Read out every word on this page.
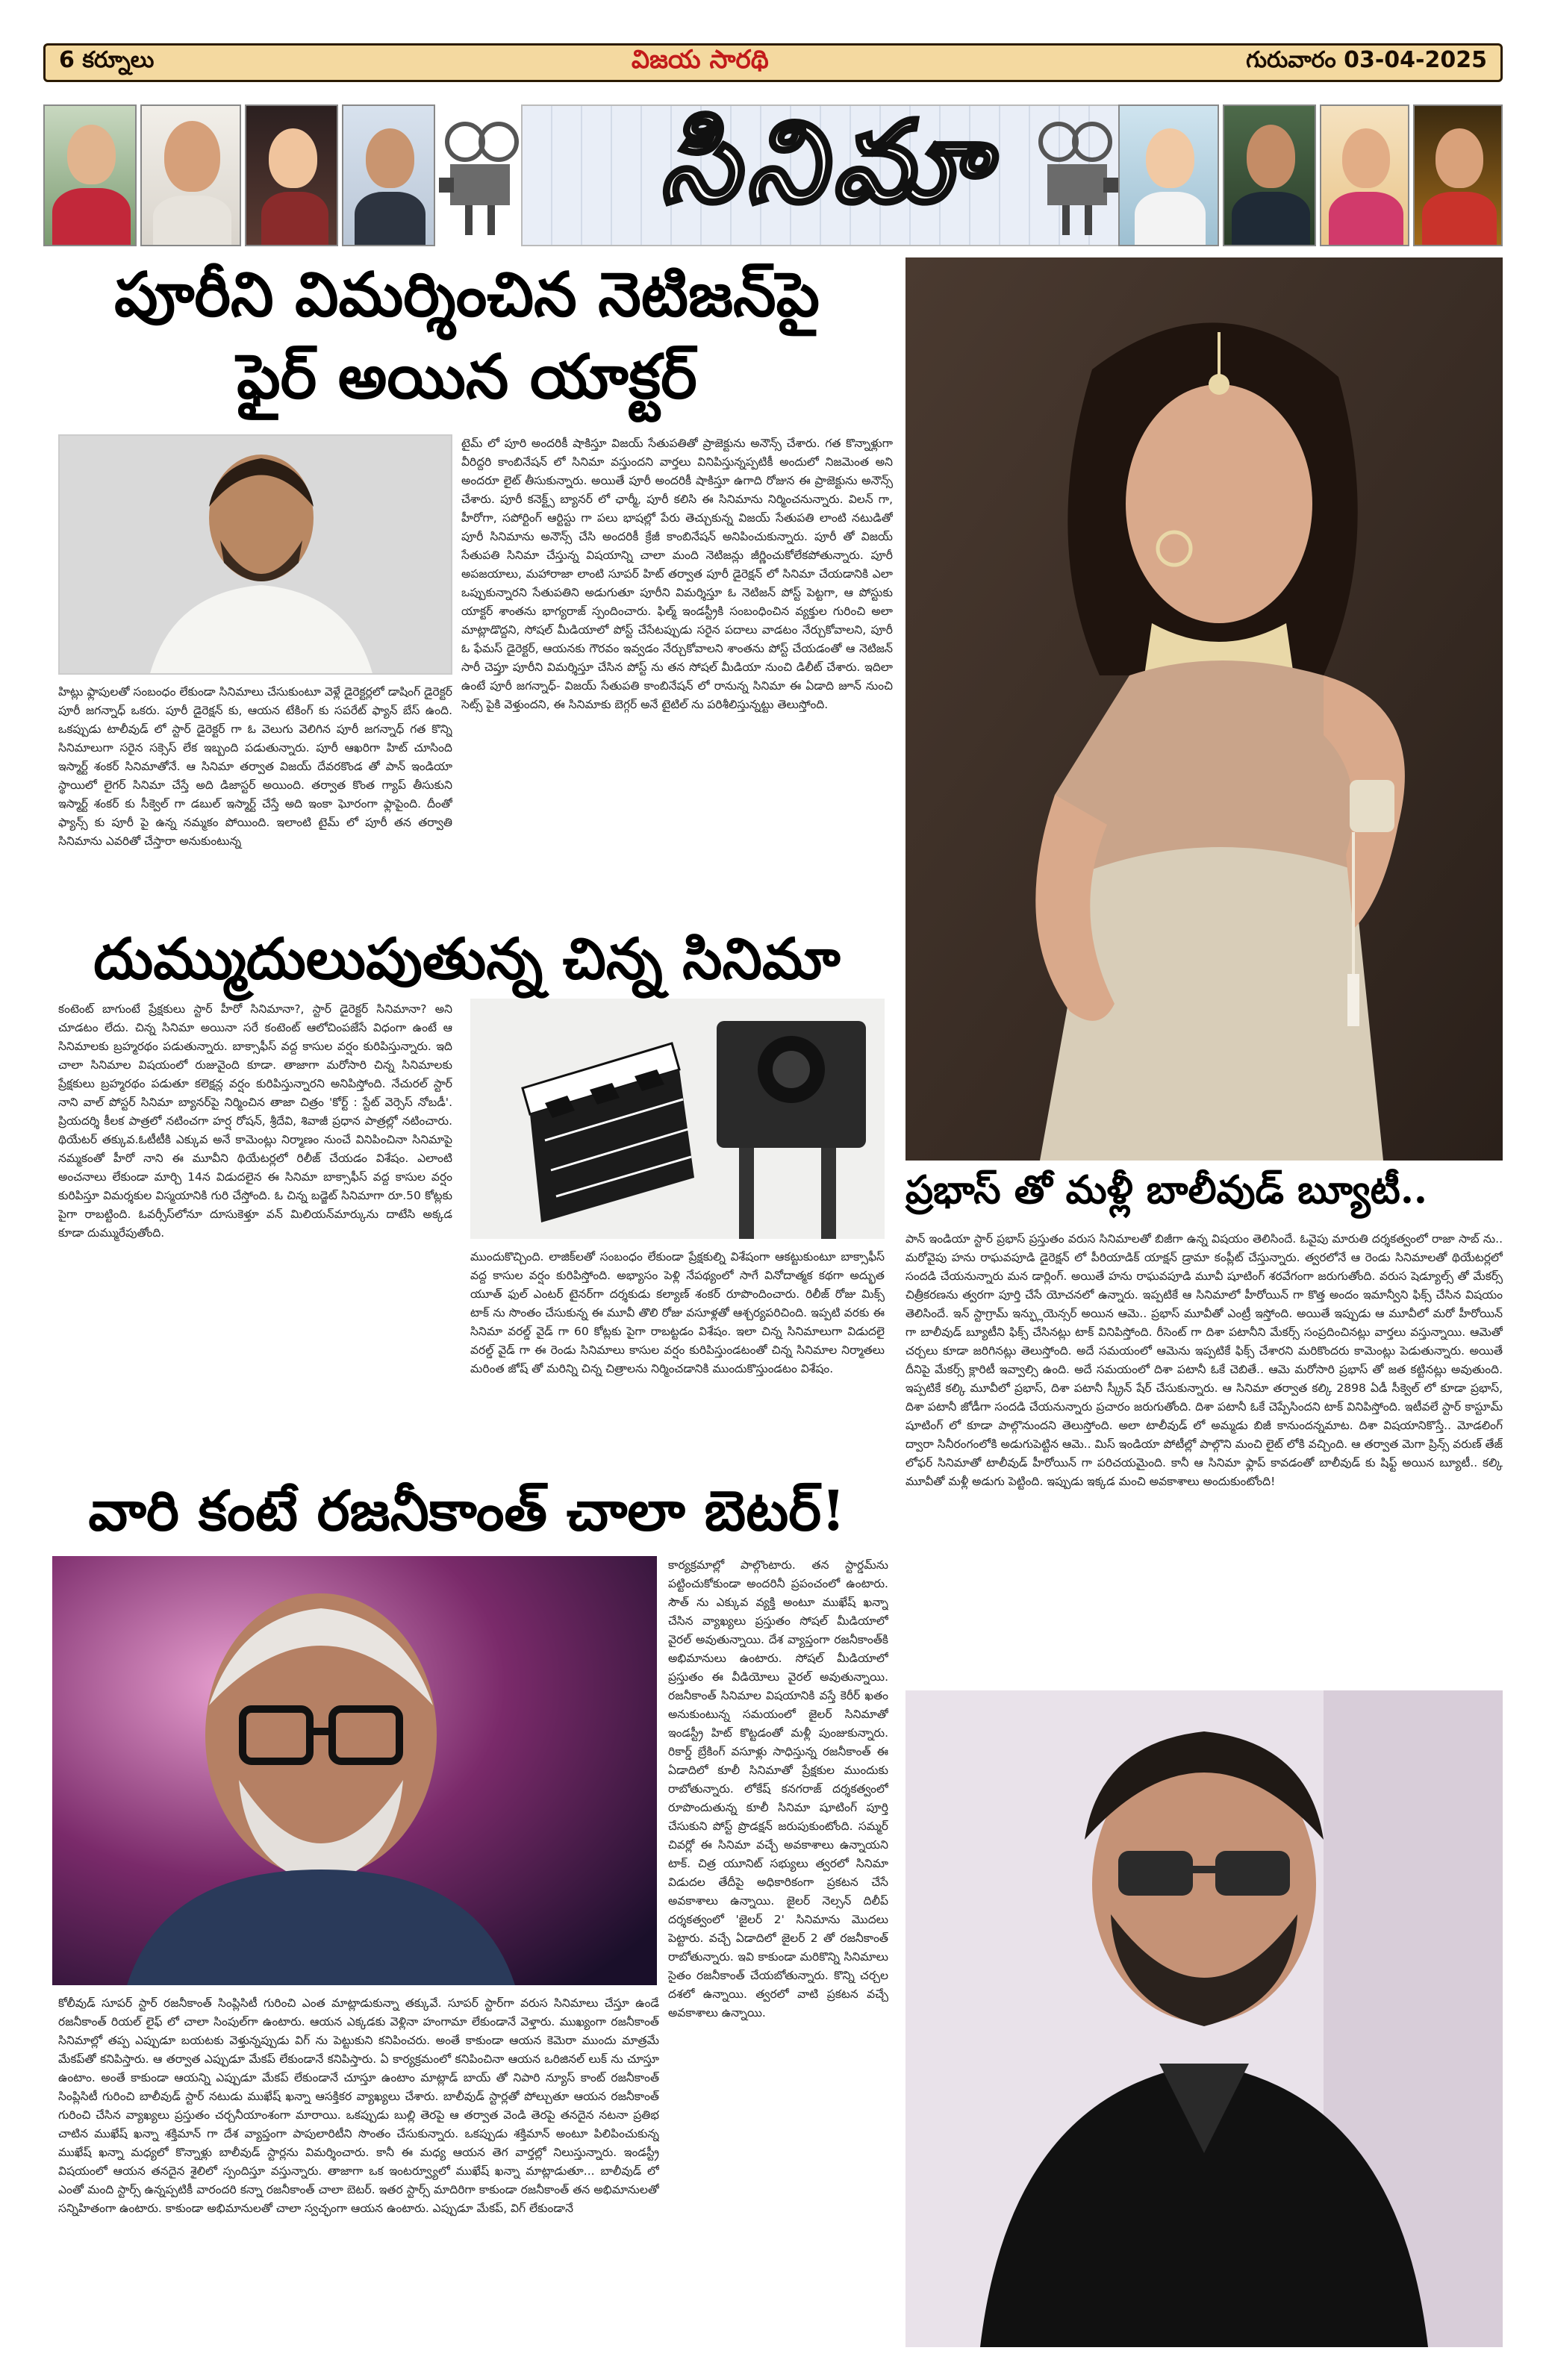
6 కర్నూలు	విజయ సారథి	గురువారం 03-04-2025
సినిమా
పూరీని విమర్శించిన నెటిజన్‌పై
ఫైర్ అయిన యాక్టర్
టైమ్ లో పూరి అందరికీ షాకిస్తూ విజయ్ సేతుపతితో ప్రాజెక్టును అనౌన్స్ చేశారు. గత కొన్నాళ్లుగా వీరిద్దరి కాంబినేషన్ లో సినిమా వస్తుందని వార్తలు వినిపిస్తున్నప్పటికీ అందులో నిజమెంత అని అందరూ లైట్ తీసుకున్నారు. అయితే పూరీ అందరికీ షాకిస్తూ ఉగాది రోజున ఈ ప్రాజెక్టును అనౌన్స్ చేశారు. పూరీ కనెక్ట్స్ బ్యానర్ లో ఛార్మీ, పూరీ కలిసి ఈ సినిమాను నిర్మించనున్నారు. విలన్ గా, హీరోగా, సపోర్టింగ్ ఆర్టిస్టు గా పలు భాషల్లో పేరు తెచ్చుకున్న విజయ్ సేతుపతి లాంటి నటుడితో పూరీ సినిమాను అనౌన్స్ చేసి అందరికీ క్రేజీ కాంబినేషన్ అనిపించుకున్నారు. పూరీ తో విజయ్ సేతుపతి సినిమా చేస్తున్న విషయాన్ని చాలా మంది నెటిజన్లు జీర్ణించుకోలేకపోతున్నారు. పూరీ అపజయాలు, మహారాజా లాంటి సూపర్ హిట్ తర్వాత పూరీ డైరెక్షన్ లో సినిమా చేయడానికి ఎలా ఒప్పుకున్నారని సేతుపతిని అడుగుతూ పూరీని విమర్శిస్తూ ఓ నెటిజన్ పోస్ట్ పెట్టగా, ఆ పోస్టుకు యాక్టర్ శాంతను భాగ్యరాజ్ స్పందించారు. ఫిల్మ్ ఇండస్ట్రీకి సంబంధించిన వ్యక్తుల గురించి అలా మాట్లాడొద్దని, సోషల్ మీడియాలో పోస్ట్ చేసేటప్పుడు సరైన పదాలు వాడటం నేర్చుకోవాలని, పూరీ ఓ ఫేమస్ డైరెక్టర్, ఆయనకు గౌరవం ఇవ్వడం నేర్చుకోవాలని శాంతను పోస్ట్ చేయడంతో ఆ నెటిజన్ సారీ చెప్తూ పూరీని విమర్శిస్తూ చేసిన పోస్ట్ ను తన సోషల్ మీడియా నుంచి డిలీట్ చేశారు. ఇదిలా ఉంటే పూరీ జగన్నాధ్- విజయ్ సేతుపతి కాంబినేషన్ లో రానున్న సినిమా ఈ ఏడాది జూన్ నుంచి సెట్స్ పైకి వెళ్తుందని, ఈ సినిమాకు బెగ్గర్ అనే టైటిల్ ను పరిశీలిస్తున్నట్టు తెలుస్తోంది.
హిట్లు ఫ్లాపులతో సంబంధం లేకుండా సినిమాలు చేసుకుంటూ వెళ్లే డైరెక్టర్లలో డాషింగ్ డైరెక్టర్ పూరీ జగన్నాధ్ ఒకరు. పూరీ డైరెక్షన్ కు, ఆయన టేకింగ్ కు సపరేట్ ఫ్యాన్ బేస్ ఉంది. ఒకప్పుడు టాలీవుడ్ లో స్టార్ డైరెక్టర్ గా ఓ వెలుగు వెలిగిన పూరీ జగన్నాధ్ గత కొన్ని సినిమాలుగా సరైన సక్సెస్ లేక ఇబ్బంది పడుతున్నారు. పూరీ ఆఖరిగా హిట్ చూసింది ఇస్మార్ట్ శంకర్ సినిమాతోనే. ఆ సినిమా తర్వాత విజయ్ దేవరకొండ తో పాన్ ఇండియా స్థాయిలో లైగర్ సినిమా చేస్తే అది డిజాస్టర్ అయింది. తర్వాత కొంత గ్యాప్ తీసుకుని ఇస్మార్ట్ శంకర్ కు సీక్వెల్ గా డబుల్ ఇస్మార్ట్ చేస్తే అది ఇంకా ఘోరంగా ఫ్లాపైంది. దీంతో ఫ్యాన్స్ కు పూరీ పై ఉన్న నమ్మకం పోయింది. ఇలాంటి టైమ్ లో పూరీ తన తర్వాతి సినిమాను ఎవరితో చేస్తారా అనుకుంటున్న
దుమ్ముదులుపుతున్న చిన్న సినిమా
కంటెంట్ బాగుంటే ప్రేక్షకులు స్టార్ హీరో సినిమానా?, స్టార్ డైరెక్టర్ సినిమానా? అని చూడటం లేదు. చిన్న సినిమా అయినా సరే కంటెంట్ ఆలోచింపజేసే విధంగా ఉంటే ఆ సినిమాలకు బ్రహ్మరథం పడుతున్నారు. బాక్సాఫీస్ వద్ద కాసుల వర్షం కురిపిస్తున్నారు. ఇది చాలా సినిమాల విషయంలో రుజువైంది కూడా. తాజాగా మరోసారి చిన్న సినిమాలకు ప్రేక్షకులు బ్రహ్మరథం పడుతూ కలెక్షన్ల వర్షం కురిపిస్తున్నారని అనిపిస్తోంది. నేచురల్ స్టార్ నాని వాల్ పోస్టర్ సినిమా బ్యానర్‌పై నిర్మించిన తాజా చిత్రం 'కోర్ట్ : స్టేట్ వెర్సెస్ నోబడీ'. ప్రియదర్శి కీలక పాత్రలో నటించగా హర్ష రోషన్, శ్రీదేవి, శివాజీ ప్రధాన పాత్రల్లో నటించారు. థియేటర్ తక్కువ.ఓటీటీకి ఎక్కువ అనే కామెంట్లు నిర్మాణం నుంచే వినిపించినా సినిమాపై నమ్మకంతో హీరో నాని ఈ మూవీని థియేటర్లలో రిలీజ్ చేయడం విశేషం. ఎలాంటి అంచనాలు లేకుండా మార్చి 14న విడుదలైన ఈ సినిమా బాక్సాఫీస్ వద్ద కాసుల వర్షం కురిపిస్తూ విమర్శకుల విస్మయానికి గురి చేస్తోంది. ఓ చిన్న బడ్జెట్ సినిమాగా రూ.50 కోట్లకు పైగా రాబట్టింది. ఓవర్సీస్‌లోనూ దూసుకెళ్తూ వన్ మిలియన్‌మార్కును దాటేసి అక్కడ కూడా దుమ్మురేపుతోంది.
ముందుకొచ్చింది. లాజిక్‌లతో సంబంధం లేకుండా ప్రేక్షకుల్ని విశేషంగా ఆకట్టుకుంటూ బాక్సాఫీస్ వద్ద కాసుల వర్షం కురిపిస్తోంది. అభ్యాసం పెళ్లి నేపథ్యంలో సాగే వినోదాత్మక కథగా అద్భుత యూత్ ఫుల్ ఎంటర్ టైనర్‌గా దర్శకుడు కల్యాణ్ శంకర్ రూపొందించారు. రిలీజ్ రోజు మిక్స్ టాక్ ను సొంతం చేసుకున్న ఈ మూవీ తొలి రోజు వసూళ్లతో ఆశ్చర్యపరిచింది. ఇప్పటి వరకు ఈ సినిమా వరల్డ్ వైడ్ గా 60 కోట్లకు పైగా రాబట్టడం విశేషం. ఇలా చిన్న సినిమాలుగా విడుదలై వరల్డ్ వైడ్ గా ఈ రెండు సినిమాలు కాసుల వర్షం కురిపిస్తుండటంతో చిన్న సినిమాల నిర్మాతలు మరింత జోష్ తో మరిన్ని చిన్న చిత్రాలను నిర్మించడానికి ముందుకొస్తుండటం విశేషం.
వారి కంటే రజనీకాంత్ చాలా బెటర్!
కార్యక్రమాల్లో పాల్గొంటారు. తన స్టార్డమ్‌ను పట్టించుకోకుండా అందరినీ ప్రపంచంలో ఉంటారు. సౌత్ ను ఎక్కువ వ్యక్తి అంటూ ముఖేష్ ఖన్నా చేసిన వ్యాఖ్యలు ప్రస్తుతం సోషల్ మీడియాలో వైరల్ అవుతున్నాయి. దేశ వ్యాప్తంగా రజనీకాంత్‌కి అభిమానులు ఉంటారు. సోషల్ మీడియాలో ప్రస్తుతం ఈ వీడియోలు వైరల్ అవుతున్నాయి. రజనీకాంత్ సినిమాల విషయానికి వస్తే కెరీర్ ఖతం అనుకుంటున్న సమయంలో జైలర్ సినిమాతో ఇండస్ట్రీ హిట్ కొట్టడంతో మళ్లీ పుంజుకున్నారు. రికార్డ్ బ్రేకింగ్ వసూళ్లు సాధిస్తున్న రజనీకాంత్ ఈ ఏడాదిలో కూలీ సినిమాతో ప్రేక్షకుల ముందుకు రాబోతున్నారు. లోకేష్ కనగరాజ్ దర్శకత్వంలో రూపొందుతున్న కూలీ సినిమా షూటింగ్ పూర్తి చేసుకుని పోస్ట్ ప్రొడక్షన్ జరుపుకుంటోంది. సమ్మర్ చివర్లో ఈ సినిమా వచ్చే అవకాశాలు ఉన్నాయని టాక్. చిత్ర యూనిట్ సభ్యులు త్వరలో సినిమా విడుదల తేదీపై అధికారికంగా ప్రకటన చేసే అవకాశాలు ఉన్నాయి. జైలర్ నెల్సన్ దిలీప్ దర్శకత్వంలో 'జైలర్ 2' సినిమాను మొదలు పెట్టారు. వచ్చే ఏడాదిలో జైలర్ 2 తో రజనీకాంత్ రాబోతున్నారు. ఇవి కాకుండా మరికొన్ని సినిమాలు సైతం రజనీకాంత్ చేయబోతున్నారు. కొన్ని చర్చల దశలో ఉన్నాయి. త్వరలో వాటి ప్రకటన వచ్చే అవకాశాలు ఉన్నాయి.
కోలీవుడ్ సూపర్ స్టార్ రజనీకాంత్ సింప్లిసిటీ గురించి ఎంత మాట్లాడుకున్నా తక్కువే. సూపర్ స్టార్‌గా వరుస సినిమాలు చేస్తూ ఉండే రజనీకాంత్ రియల్ లైఫ్ లో చాలా సింపుల్‌గా ఉంటారు. ఆయన ఎక్కడకు వెళ్లినా హంగామా లేకుండానే వెళ్తారు. ముఖ్యంగా రజనీకాంత్ సినిమాల్లో తప్ప ఎప్పుడూ బయటకు వెళ్తున్నప్పుడు విగ్ ను పెట్టుకుని కనిపించరు. అంతే కాకుండా ఆయన కెమెరా ముందు మాత్రమే మేకప్‌తో కనిపిస్తారు. ఆ తర్వాత ఎప్పుడూ మేకప్ లేకుండానే కనిపిస్తారు. ఏ కార్యక్రమంలో కనిపించినా ఆయన ఒరిజినల్ లుక్ ను చూస్తూ ఉంటాం. అంతే కాకుండా ఆయన్ని ఎప్పుడూ మేకప్ లేకుండానే చూస్తూ ఉంటాం మాట్లాడ్ బాయ్ తో నిపారి న్యూస్ కాంట్ రజనీకాంత్ సింప్లిసిటీ గురించి బాలీవుడ్ స్టార్ నటుడు ముఖేష్ ఖన్నా ఆసక్తికర వ్యాఖ్యలు చేశారు. బాలీవుడ్ స్టార్లతో పోల్చుతూ ఆయన రజనీకాంత్ గురించి చేసిన వ్యాఖ్యలు ప్రస్తుతం చర్చనీయాంశంగా మారాయి. ఒకప్పుడు బుల్లి తెరపై ఆ తర్వాత వెండి తెరపై తనదైన నటనా ప్రతిభ చాటిన ముఖేష్ ఖన్నా శక్తిమాన్ గా దేశ వ్యాప్తంగా పాపులారిటీని సొంతం చేసుకున్నారు. ఒకప్పుడు శక్తిమాన్ అంటూ పిలిపించుకున్న ముఖేష్ ఖన్నా మధ్యలో కొన్నాళ్లు బాలీవుడ్ స్టార్లను విమర్శించారు. కానీ ఈ మధ్య ఆయన తెగ వార్తల్లో నిలుస్తున్నారు. ఇండస్ట్రీ విషయంలో ఆయన తనదైన శైలిలో స్పందిస్తూ వస్తున్నారు. తాజాగా ఒక ఇంటర్వ్యూలో ముఖేష్ ఖన్నా మాట్లాడుతూ... బాలీవుడ్ లో ఎంతో మంది స్టార్స్ ఉన్నప్పటికీ వారందరి కన్నా రజనీకాంత్ చాలా బెటర్. ఇతర స్టార్స్ మాదిరిగా కాకుండా రజనీకాంత్ తన అభిమానులతో సన్నిహితంగా ఉంటారు. కాకుండా అభిమానులతో చాలా స్వచ్ఛంగా ఆయన ఉంటారు. ఎప్పుడూ మేకప్, విగ్ లేకుండానే
ప్రభాస్ తో మళ్లీ బాలీవుడ్ బ్యూటీ..
పాన్ ఇండియా స్టార్ ప్రభాస్ ప్రస్తుతం వరుస సినిమాలతో బిజీగా ఉన్న విషయం తెలిసిందే. ఓవైపు మారుతి దర్శకత్వంలో రాజా సాబ్ ను.. మరోవైపు హను రాఘవపూడి డైరెక్షన్ లో పీరియాడిక్ యాక్షన్ డ్రామా కంప్లీట్ చేస్తున్నారు. త్వరలోనే ఆ రెండు సినిమాలతో థియేటర్లలో సందడి చేయనున్నారు మన డార్లింగ్. అయితే హను రాఘవపూడి మూవీ షూటింగ్ శరవేగంగా జరుగుతోంది. వరుస షెడ్యూల్స్ తో మేకర్స్ చిత్రీకరణను త్వరగా పూర్తి చేసే యోచనలో ఉన్నారు. ఇప్పటికే ఆ సినిమాలో హీరోయిన్ గా కొత్త అందం ఇమాన్వీని ఫిక్స్ చేసిన విషయం తెలిసిందే. ఇన్ స్టాగ్రామ్ ఇన్ఫ్లుయెన్సర్ అయిన ఆమె.. ప్రభాస్ మూవీతో ఎంట్రీ ఇస్తోంది. అయితే ఇప్పుడు ఆ మూవీలో మరో హీరోయిన్ గా బాలీవుడ్ బ్యూటీని ఫిక్స్ చేసినట్లు టాక్ వినిపిస్తోంది. రీసెంట్ గా దిశా పటానీని మేకర్స్ సంప్రదించినట్లు వార్తలు వస్తున్నాయి. ఆమెతో చర్చలు కూడా జరిగినట్లు తెలుస్తోంది. అదే సమయంలో ఆమెను ఇప్పటికే ఫిక్స్ చేశారని మరికొందరు కామెంట్లు పెడుతున్నారు. అయితే దీనిపై మేకర్స్ క్లారిటీ ఇవ్వాల్సి ఉంది. అదే సమయంలో దిశా పటానీ ఓకే చెబితే.. ఆమె మరోసారి ప్రభాస్ తో జత కట్టినట్లు అవుతుంది. ఇప్పటికే కల్కి మూవీలో ప్రభాస్, దిశా పటానీ స్క్రీన్ షేర్ చేసుకున్నారు. ఆ సినిమా తర్వాత కల్కి 2898 ఏడీ సీక్వెల్ లో కూడా ప్రభాస్, దిశా పటానీ జోడీగా సందడి చేయనున్నారు ప్రచారం జరుగుతోంది. దిశా పటానీ ఓకే చెప్పేసిందని టాక్ వినిపిస్తోంది. ఇటీవలే స్టార్ కాస్టూమ్ షూటింగ్ లో కూడా పాల్గొనుందని తెలుస్తోంది. అలా టాలీవుడ్ లో అమ్మడు బిజీ కానుందన్నమాట. దిశా విషయానికొస్తే.. మోడలింగ్ ద్వారా సినీరంగంలోకి అడుగుపెట్టిన ఆమె.. మిస్ ఇండియా పోటీల్లో పాల్గొని మంచి లైట్ లోకి వచ్చింది. ఆ తర్వాత మెగా ప్రిన్స్ వరుణ్ తేజ్ లోఫర్ సినిమాతో టాలీవుడ్ హీరోయిన్ గా పరిచయమైంది. కానీ ఆ సినిమా ఫ్లాప్ కావడంతో బాలీవుడ్ కు షిఫ్ట్ అయిన బ్యూటీ.. కల్కి మూవీతో మళ్లీ అడుగు పెట్టింది. ఇప్పుడు ఇక్కడ మంచి అవకాశాలు అందుకుంటోంది!
